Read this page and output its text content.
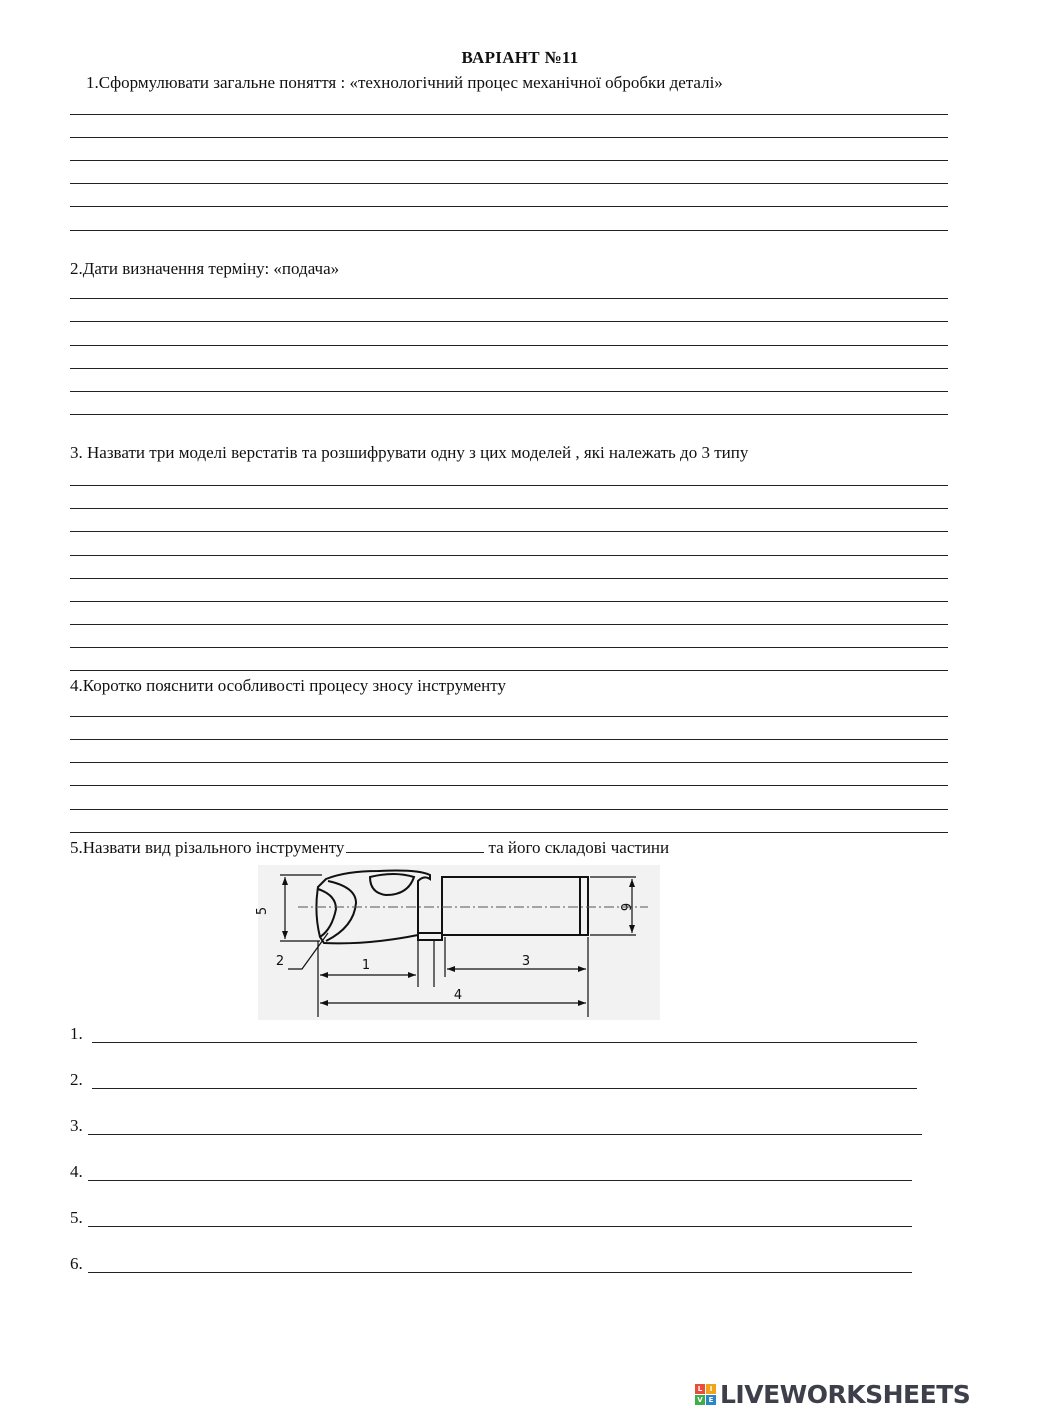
ВАРІАНТ №11
1.Сформулювати загальне поняття : «технологічний процес механічної обробки деталі»
2.Дати визначення терміну: «подача»
3. Назвати три моделі верстатів та розшифрувати одну з цих моделей , які належать до 3 типу
4.Коротко пояснити особливості процесу зносу інструменту
5.Назвати вид різального інструменту	та його складові частини
1
2	3
4
5	6
1.
2.
3.
4.
5.
6.
L	I
V E LIVEWORKSHEETS
